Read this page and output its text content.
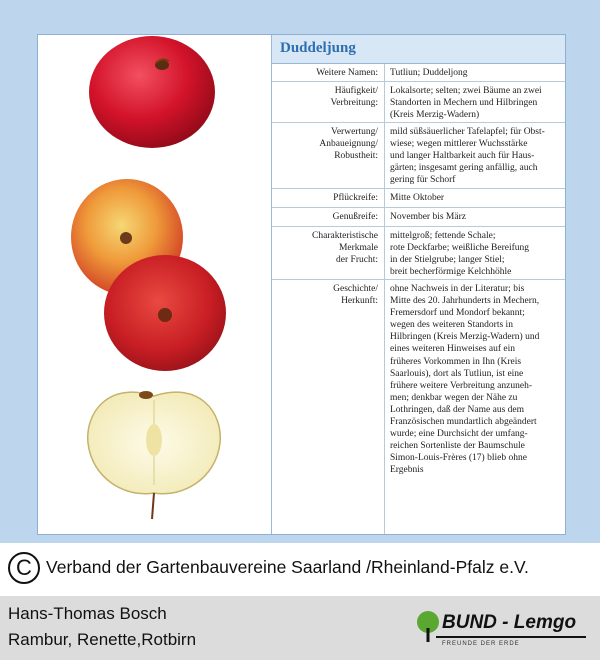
Duddeljung
Weitere Namen: Tutliun; Duddeljong
Häufigkeit/
Verbreitung:
Lokalsorte; selten; zwei Bäume an zwei
Standorten in Mechern und Hilbringen
(Kreis Merzig-Wadern)
Verwertung/
Anbaueignung/
Robustheit:
mild süßsäuerlicher Tafelapfel; für Obst-
wiese; wegen mittlerer Wuchsstärke
und langer Haltbarkeit auch für Haus-
gärten; insgesamt gering anfällig, auch
gering für Schorf
Pflückreife: Mitte Oktober
Genußreife: November bis März
Charakteristische
Merkmale
der Frucht:
mittelgroß; fettende Schale;
rote Deckfarbe; weißliche Bereifung
in der Stielgrube; langer Stiel;
breit becherförmige Kelchhöhle
Geschichte/
Herkunft:
ohne Nachweis in der Literatur; bis
Mitte des 20. Jahrhunderts in Mechern,
Fremersdorf und Mondorf bekannt;
wegen des weiteren Standorts in
Hilbringen (Kreis Merzig-Wadern) und
eines weiteren Hinweises auf ein
früheres Vorkommen in Ihn (Kreis
Saarlouis), dort als Tutliun, ist eine
frühere weitere Verbreitung anzuneh-
men; denkbar wegen der Nähe zu
Lothringen, daß der Name aus dem
Französischen mundartlich abgeändert
wurde; eine Durchsicht der umfang-
reichen Sortenliste der Baumschule
Simon-Louis-Frères (17) blieb ohne
Ergebnis
C Verband der Gartenbauvereine Saarland /Rheinland-Pfalz e.V.
Hans-Thomas Bosch
Rambur, Renette,Rotbirn
BUND - Lemgo
FREUNDE DER ERDE
